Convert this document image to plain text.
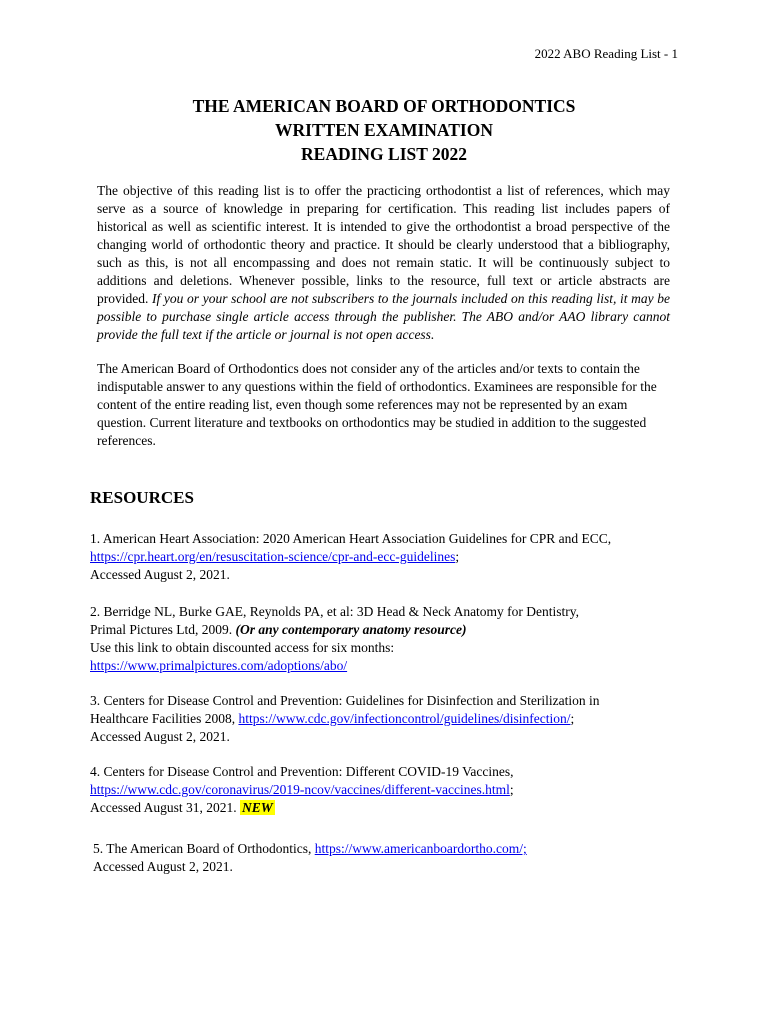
2022 ABO Reading List - 1
THE AMERICAN BOARD OF ORTHODONTICS
WRITTEN EXAMINATION
READING LIST 2022

The objective of this reading list is to offer the practicing orthodontist a list of references, which may serve as a source of knowledge in preparing for certification. This reading list includes papers of historical as well as scientific interest. It is intended to give the orthodontist a broad perspective of the changing world of orthodontic theory and practice. It should be clearly understood that a bibliography, such as this, is not all encompassing and does not remain static. It will be continuously subject to additions and deletions. Whenever possible, links to the resource, full text or article abstracts are provided. If you or your school are not subscribers to the journals included on this reading list, it may be possible to purchase single article access through the publisher. The ABO and/or AAO library cannot provide the full text if the article or journal is not open access.

The American Board of Orthodontics does not consider any of the articles and/or texts to contain the indisputable answer to any questions within the field of orthodontics. Examinees are responsible for the content of the entire reading list, even though some references may not be represented by an exam question. Current literature and textbooks on orthodontics may be studied in addition to the suggested references.

RESOURCES
1. American Heart Association: 2020 American Heart Association Guidelines for CPR and ECC,
https://cpr.heart.org/en/resuscitation-science/cpr-and-ecc-guidelines;
Accessed August 2, 2021.
2. Berridge NL, Burke GAE, Reynolds PA, et al: 3D Head & Neck Anatomy for Dentistry,
Primal Pictures Ltd, 2009. (Or any contemporary anatomy resource)
Use this link to obtain discounted access for six months:
https://www.primalpictures.com/adoptions/abo/
3. Centers for Disease Control and Prevention: Guidelines for Disinfection and Sterilization in
Healthcare Facilities 2008, https://www.cdc.gov/infectioncontrol/guidelines/disinfection/;
Accessed August 2, 2021.
4. Centers for Disease Control and Prevention: Different COVID-19 Vaccines,
https://www.cdc.gov/coronavirus/2019-ncov/vaccines/different-vaccines.html;
Accessed August 31, 2021. NEW
5. The American Board of Orthodontics, https://www.americanboardortho.com/;
Accessed August 2, 2021.
